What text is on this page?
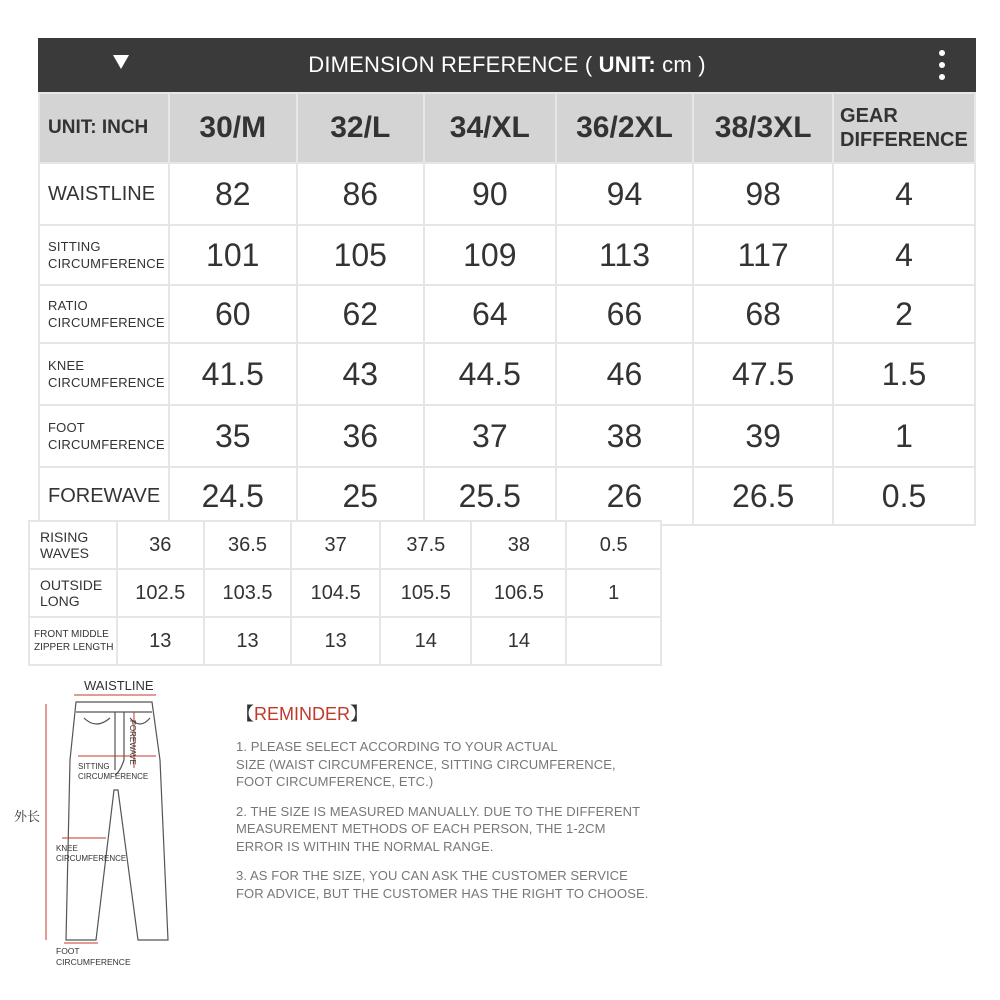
DIMENSION REFERENCE ( UNIT: cm )
UNIT: INCH	30/M	32/L	34/XL	36/2XL	38/3XL	GEAR
DIFFERENCE
WAISTLINE	82	86	90	94	98	4
SITTING
CIRCUMFERENCE	101	105	109	113	117	4
RATIO
CIRCUMFERENCE	60	62	64	66	68	2
KNEE
CIRCUMFERENCE	41.5	43	44.5	46	47.5	1.5
FOOT
CIRCUMFERENCE	35	36	37	38	39	1
FOREWAVE	24.5	25	25.5	26	26.5	0.5
RISING
WAVES	36	36.5	37	37.5	38	0.5
OUTSIDE
LONG	102.5	103.5	104.5	105.5	106.5	1
FRONT MIDDLE
ZIPPER LENGTH	13	13	13	14	14	
WAISTLINE
FOREWAVE
SITTING
CIRCUMFERENCE
KNEE
CIRCUMFERENCE
FOOT
CIRCUMFERENCE
外长
【REMINDER】

1. PLEASE SELECT ACCORDING TO YOUR ACTUAL
SIZE (WAIST CIRCUMFERENCE, SITTING CIRCUMFERENCE,
FOOT CIRCUMFERENCE, ETC.)

2. THE SIZE IS MEASURED MANUALLY. DUE TO THE DIFFERENT
MEASUREMENT METHODS OF EACH PERSON, THE 1-2CM
ERROR IS WITHIN THE NORMAL RANGE.

3. AS FOR THE SIZE, YOU CAN ASK THE CUSTOMER SERVICE
FOR ADVICE, BUT THE CUSTOMER HAS THE RIGHT TO CHOOSE.
